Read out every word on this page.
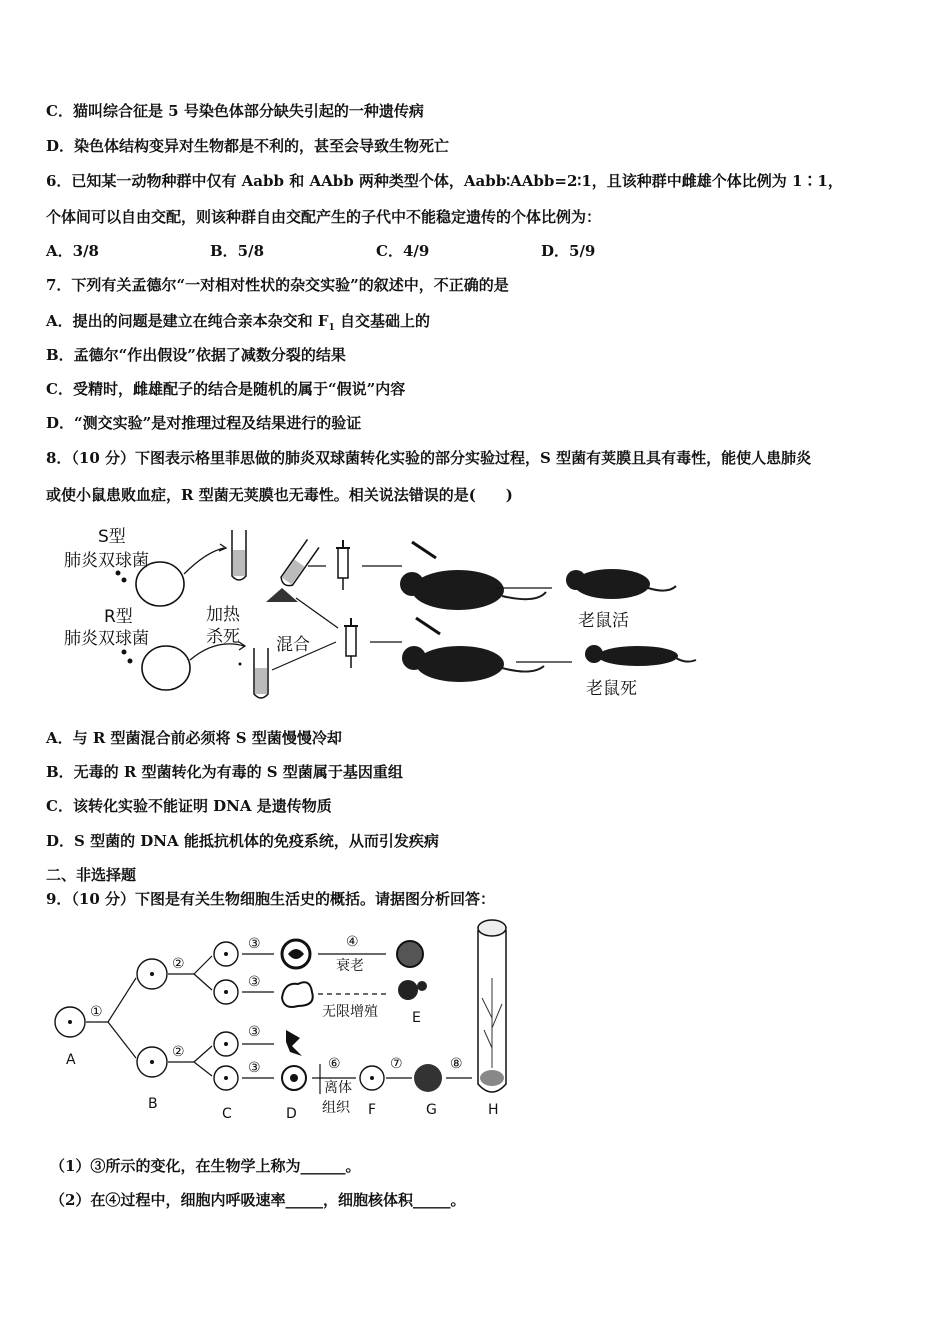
C．猫叫综合征是 5 号染色体部分缺失引起的一种遗传病
D．染色体结构变异对生物都是不利的，甚至会导致生物死亡
6．已知某一动物种群中仅有 Aabb 和 AAbb 两种类型个体，Aabb∶AAbb=2∶1，且该种群中雌雄个体比例为 1∶1，
个体间可以自由交配，则该种群自由交配产生的子代中不能稳定遗传的个体比例为：
A．3/8	B．5/8	C．4/9	D．5/9
7．下列有关孟德尔“一对相对性状的杂交实验”的叙述中，不正确的是
A．提出的问题是建立在纯合亲本杂交和 $F_1$ 自交基础上的
B．孟德尔“作出假设”依据了减数分裂的结果
C．受精时，雌雄配子的结合是随机的属于“假说”内容
D．“测交实验”是对推理过程及结果进行的验证
8．（10 分）下图表示格里菲思做的肺炎双球菌转化实验的部分实验过程，S 型菌有荚膜且具有毒性，能使人患肺炎
或使小鼠患败血症，R 型菌无荚膜也无毒性。相关说法错误的是(　　)
S型
肺炎双球菌
R型
肺炎双球菌
加热
杀死 混合
老鼠活
老鼠死
A．与 R 型菌混合前必须将 S 型菌慢慢冷却
B．无毒的 R 型菌转化为有毒的 S 型菌属于基因重组
C．该转化实验不能证明 DNA 是遗传物质
D．S 型菌的 DNA 能抵抗机体的免疫系统，从而引发疾病
二、非选择题
9．（10 分）下图是有关生物细胞生活史的概括。请据图分析回答：
①
②
②
③
③
③
③
④
⑥	⑦	⑧
衰老
无限增殖
离体
组织
A
B
C	D
E
F	G	H
（1）③所示的变化，在生物学上称为______。
（2）在④过程中，细胞内呼吸速率_____，细胞核体积_____。
